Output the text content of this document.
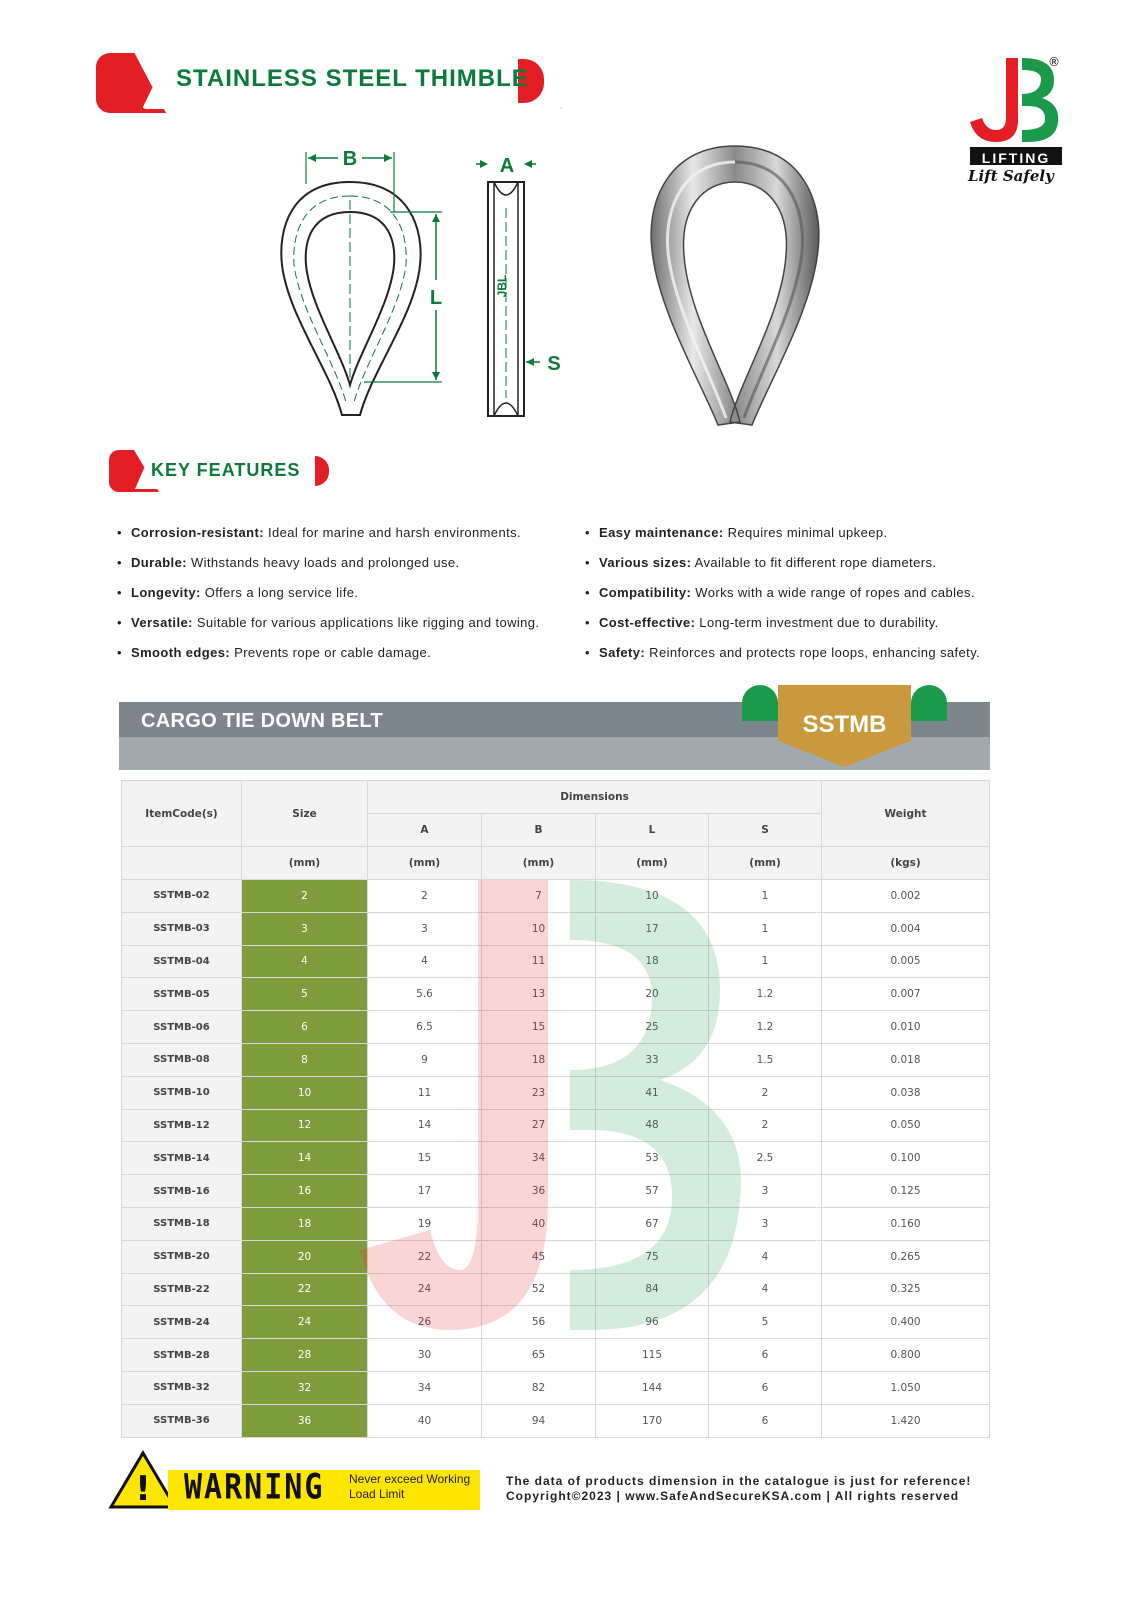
STAINLESS STEEL THIMBLE
®
LIFTING
Lift Safely
B
L
JBL
A
S
KEY FEATURES
• Corrosion-resistant: Ideal for marine and harsh environments.
• Durable: Withstands heavy loads and prolonged use.
• Longevity: Offers a long service life.
• Versatile: Suitable for various applications like rigging and towing.
• Smooth edges: Prevents rope or cable damage.
• Easy maintenance: Requires minimal upkeep.
• Various sizes: Available to fit different rope diameters.
• Compatibility: Works with a wide range of ropes and cables.
• Cost-effective: Long-term investment due to durability.
• Safety: Reinforces and protects rope loops, enhancing safety.
CARGO TIE DOWN BELT	SSTMB
ItemCode(s)	Size	Dimensions				Weight
		A	B	L	S	
	(mm)	(mm)	(mm)	(mm)	(mm)	(kgs)
SSTMB-02	2	2	7	10	1	0.002
SSTMB-03	3	3	10	17	1	0.004
SSTMB-04	4	4	11	18	1	0.005
SSTMB-05	5	5.6	13	20	1.2	0.007
SSTMB-06	6	6.5	15	25	1.2	0.010
SSTMB-08	8	9	18	33	1.5	0.018
SSTMB-10	10	11	23	41	2	0.038
SSTMB-12	12	14	27	48	2	0.050
SSTMB-14	14	15	34	53	2.5	0.100
SSTMB-16	16	17	36	57	3	0.125
SSTMB-18	18	19	40	67	3	0.160
SSTMB-20	20	22	45	75	4	0.265
SSTMB-22	22	24	52	84	4	0.325
SSTMB-24	24	26	56	96	5	0.400
SSTMB-28	28	30	65	115	6	0.800
SSTMB-32	32	34	82	144	6	1.050
SSTMB-36	36	40	94	170	6	1.420
! WARNING Never exceed Working
Load Limit
The data of products dimension in the catalogue is just for reference!
Copyright©2023 | www.SafeAndSecureKSA.com | All rights reserved
